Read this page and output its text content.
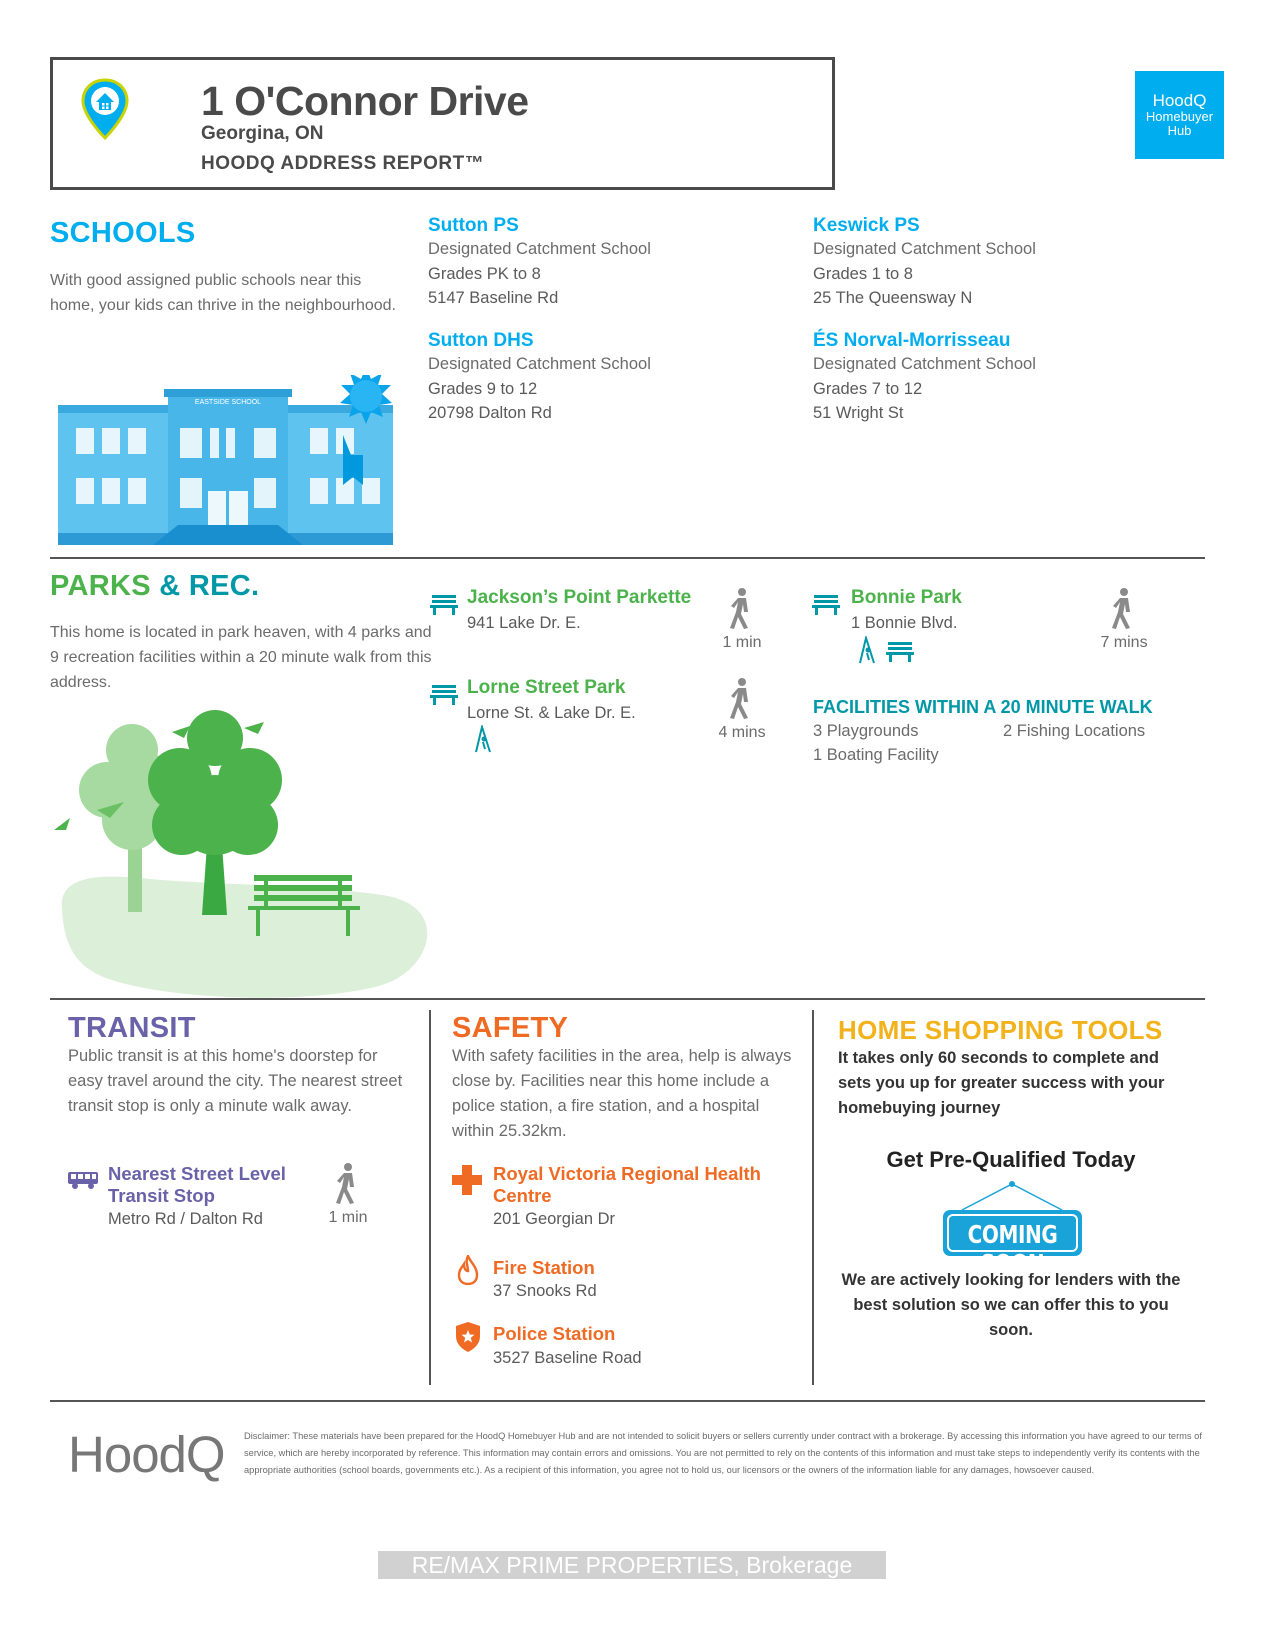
1 O'Connor Drive
Georgina, ON
HOODQ ADDRESS REPORT™
HoodQ
Homebuyer
Hub
SCHOOLS
With good assigned public schools near this home, your kids can thrive in the neighbourhood.
EASTSIDE SCHOOL
Sutton PS
Designated Catchment School
Grades PK to 8
5147 Baseline Rd
Keswick PS
Designated Catchment School
Grades 1 to 8
25 The Queensway N
Sutton DHS
Designated Catchment School
Grades 9 to 12
20798 Dalton Rd
ÉS Norval-Morrisseau
Designated Catchment School
Grades 7 to 12
51 Wright St
PARKS & REC.
This home is located in park heaven, with 4 parks and 9 recreation facilities within a 20 minute walk from this address.
Jackson’s Point Parkette
941 Lake Dr. E.
1 min
Lorne Street Park
Lorne St. & Lake Dr. E.
4 mins
Bonnie Park
1 Bonnie Blvd.
7 mins
FACILITIES WITHIN A 20 MINUTE WALK
3 Playgrounds	2 Fishing Locations
1 Boating Facility
TRANSIT
Public transit is at this home's doorstep for easy travel around the city. The nearest street transit stop is only a minute walk away.
Nearest Street Level
Transit Stop
Metro Rd / Dalton Rd	1 min
SAFETY
With safety facilities in the area, help is always close by. Facilities near this home include a police station, a fire station, and a hospital within 25.32km.
Royal Victoria Regional Health
Centre
201 Georgian Dr
Fire Station
37 Snooks Rd
Police Station
3527 Baseline Road
HOME SHOPPING TOOLS
It takes only 60 seconds to complete and sets you up for greater success with your homebuying journey
Get Pre-Qualified Today
COMING SOON
We are actively looking for lenders with the best solution so we can offer this to you soon.
HoodQ Disclaimer: These materials have been prepared for the HoodQ Homebuyer Hub and are not intended to solicit buyers or sellers currently under contract with a brokerage. By accessing this information you have agreed to our terms of service, which are hereby incorporated by reference. This information may contain errors and omissions. You are not permitted to rely on the contents of this information and must take steps to independently verify its contents with the appropriate authorities (school boards, governments etc.). As a recipient of this information, you agree not to hold us, our licensors or the owners of the information liable for any damages, howsoever caused.
RE/MAX PRIME PROPERTIES, Brokerage
